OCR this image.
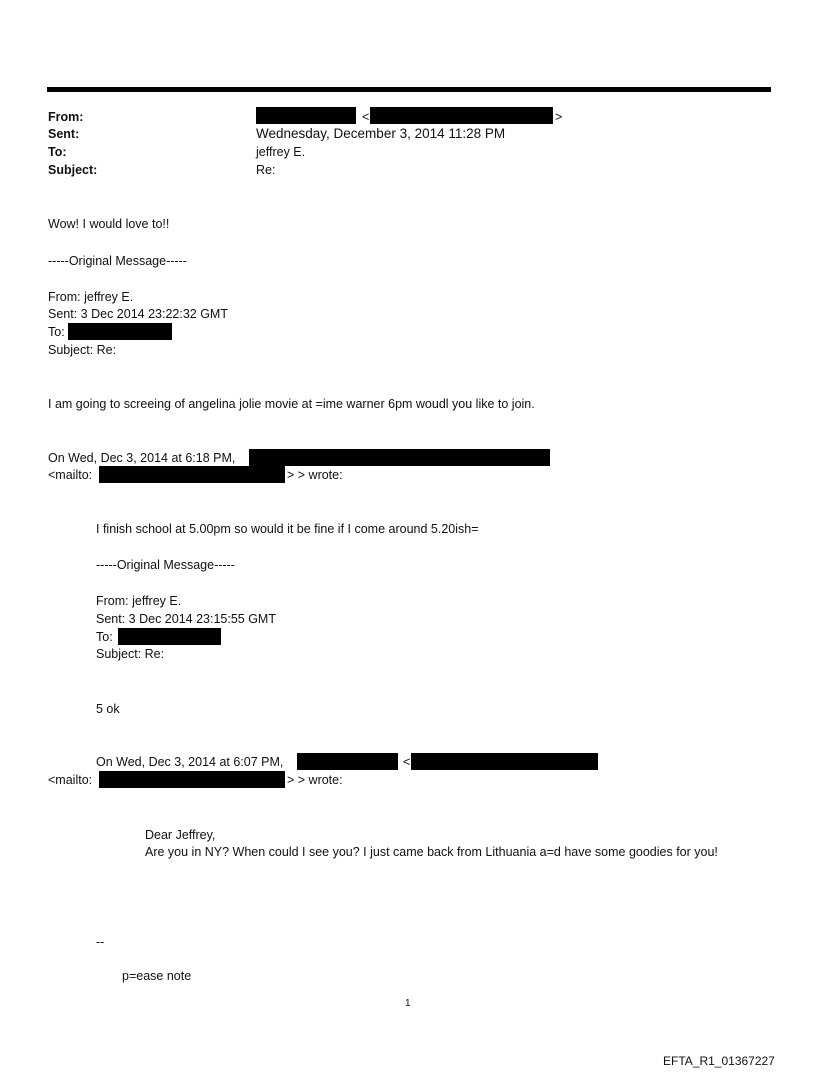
From:	<	>
Sent:	Wednesday, December 3, 2014 11:28 PM
To:	jeffrey E.
Subject:	Re:
Wow! I would love to!!
-----Original Message-----
From: jeffrey E.
Sent: 3 Dec 2014 23:22:32 GMT
To:
Subject: Re:
I am going to screeing of angelina jolie movie at =ime warner 6pm woudl you like to join.
On Wed, Dec 3, 2014 at 6:18 PM,
<mailto:	> > wrote:
I finish school at 5.00pm so would it be fine if I come around 5.20ish=
-----Original Message-----
From: jeffrey E.
Sent: 3 Dec 2014 23:15:55 GMT
To:
Subject: Re:
5 ok
On Wed, Dec 3, 2014 at 6:07 PM,	<
<mailto:	> > wrote:
Dear Jeffrey,
Are you in NY? When could I see you? I just came back from Lithuania a=d have some goodies for you!
--
p=ease note
1
EFTA_R1_01367227
